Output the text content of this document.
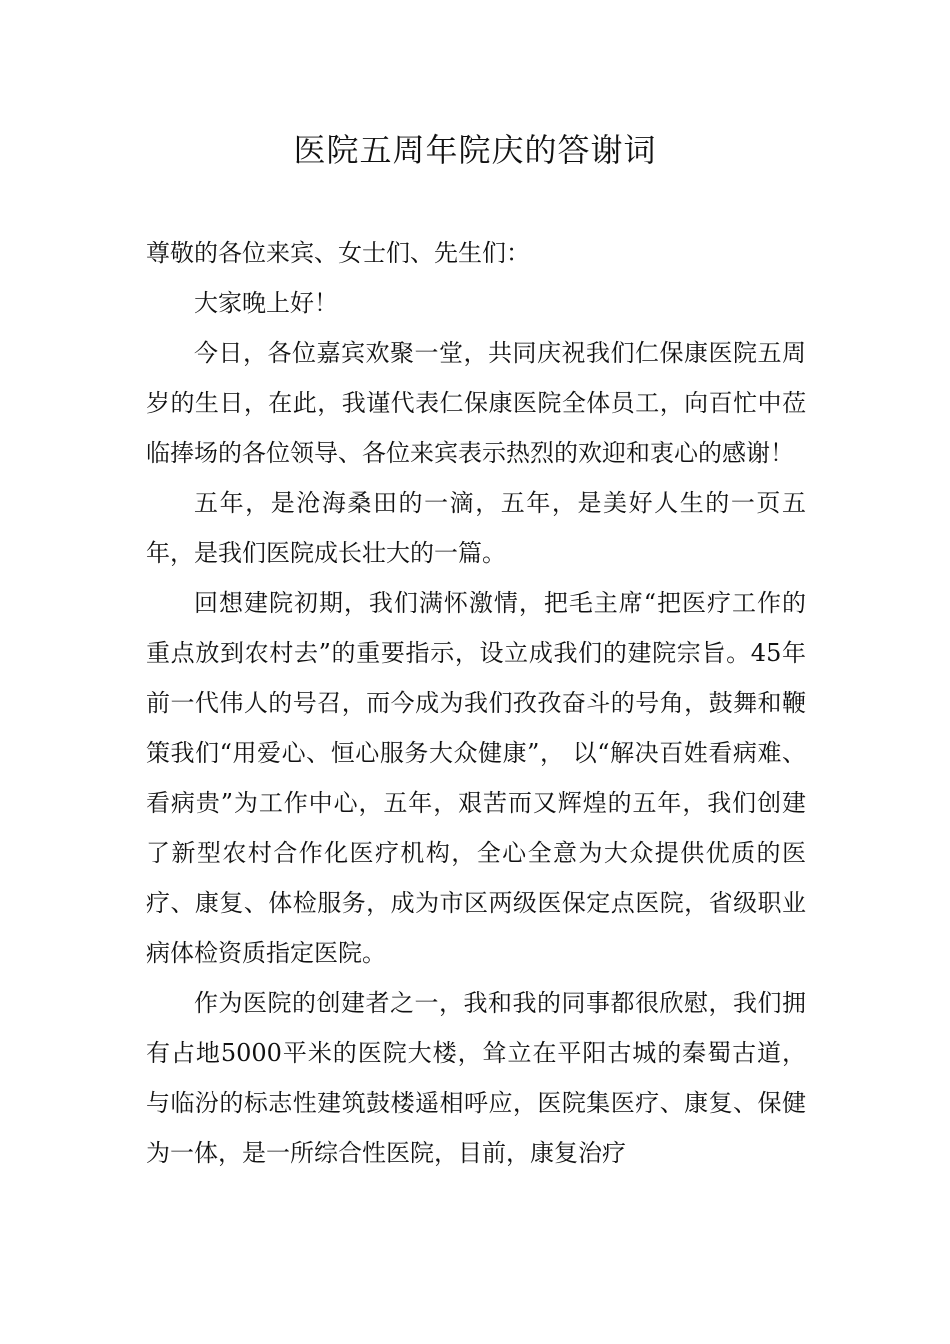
医院五周年院庆的答谢词

尊敬的各位来宾、女士们、先生们：

大家晚上好！

今日，各位嘉宾欢聚一堂，共同庆祝我们仁保康医院五周岁的生日，在此，我谨代表仁保康医院全体员工，向百忙中莅临捧场的各位领导、各位来宾表示热烈的欢迎和衷心的感谢！

五年，是沧海桑田的一滴，五年，是美好人生的一页五年，是我们医院成长壮大的一篇。

回想建院初期，我们满怀激情，把毛主席“把医疗工作的重点放到农村去”的重要指示，设立成我们的建院宗旨。45年前一代伟人的号召，而今成为我们孜孜奋斗的号角，鼓舞和鞭策我们“用爱心、恒心服务大众健康”， 以“解决百姓看病难、看病贵”为工作中心，五年，艰苦而又辉煌的五年，我们创建了新型农村合作化医疗机构，全心全意为大众提供优质的医疗、康复、体检服务，成为市区两级医保定点医院，省级职业病体检资质指定医院。

作为医院的创建者之一，我和我的同事都很欣慰，我们拥有占地5000平米的医院大楼，耸立在平阳古城的秦蜀古道，与临汾的标志性建筑鼓楼遥相呼应，医院集医疗、康复、保健为一体，是一所综合性医院，目前，康复治疗
